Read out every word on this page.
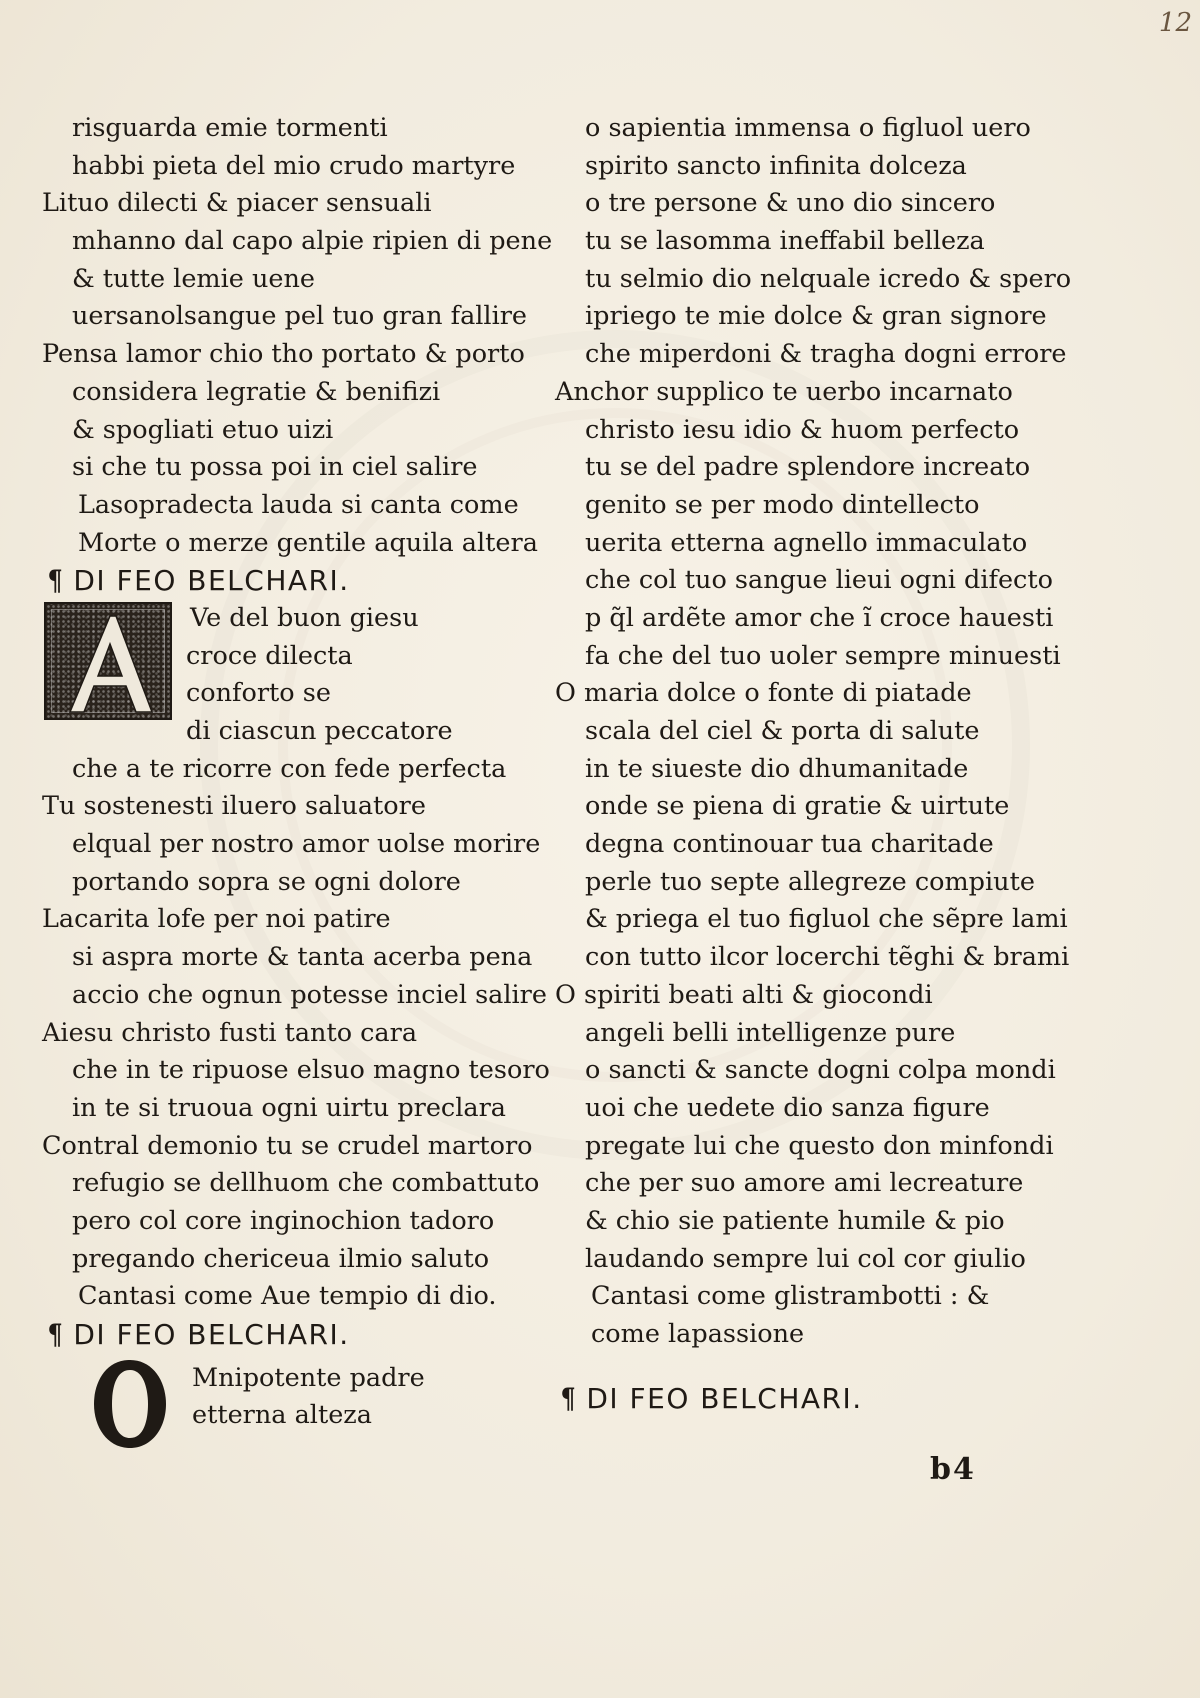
12
risguarda emie tormenti
habbi pieta del mio crudo martyre
Lituo dilecti & piacer sensuali
mhanno dal capo alpie ripien di pene
& tutte lemie uene
uersanolsangue pel tuo gran fallire
Pensa lamor chio tho portato & porto
considera legratie & benifizi
& spogliati etuo uizi
si che tu possa poi in ciel salire
Lasopradecta lauda si canta come
Morte o merze gentile aquila altera
¶ DI FEO BELCHARI.
Ve del buon giesu
croce dilecta
conforto se
di ciascun peccatore
che a te ricorre con fede perfecta
Tu sostenesti iluero saluatore
elqual per nostro amor uolse morire
portando sopra se ogni dolore
Lacarita lofe per noi patire
si aspra morte & tanta acerba pena
accio che ognun potesse inciel salire
Aiesu christo fusti tanto cara
che in te ripuose elsuo magno tesoro
in te si truoua ogni uirtu preclara
Contral demonio tu se crudel martoro
refugio se dellhuom che combattuto
pero col core inginochion tadoro
pregando chericeua ilmio saluto
Cantasi come Aue tempio di dio.
¶ DI FEO BELCHARI.
Mnipotente padre
etterna alteza
o sapientia immensa o figluol uero
spirito sancto infinita dolceza
o tre persone & uno dio sincero
tu se lasomma ineffabil belleza
tu selmio dio nelquale icredo & spero
ipriego te mie dolce & gran signore
che miperdoni & tragha dogni errore
Anchor supplico te uerbo incarnato
christo iesu idio & huom perfecto
tu se del padre splendore increato
genito se per modo dintellecto
uerita etterna agnello immaculato
che col tuo sangue lieui ogni difecto
p q̃l ardẽte amor che ĩ croce hauesti
fa che del tuo uoler sempre minuesti
O maria dolce o fonte di piatade
scala del ciel & porta di salute
in te siueste dio dhumanitade
onde se piena di gratie & uirtute
degna continouar tua charitade
perle tuo septe allegreze compiute
& priega el tuo figluol che sẽpre lami
con tutto ilcor locerchi tẽghi & brami
O spiriti beati alti & giocondi
angeli belli intelligenze pure
o sancti & sancte dogni colpa mondi
uoi che uedete dio sanza figure
pregate lui che questo don minfondi
che per suo amore ami lecreature
& chio sie patiente humile & pio
laudando sempre lui col cor giulio
Cantasi come glistrambotti : &
come lapassione
¶ DI FEO BELCHARI.
b4
